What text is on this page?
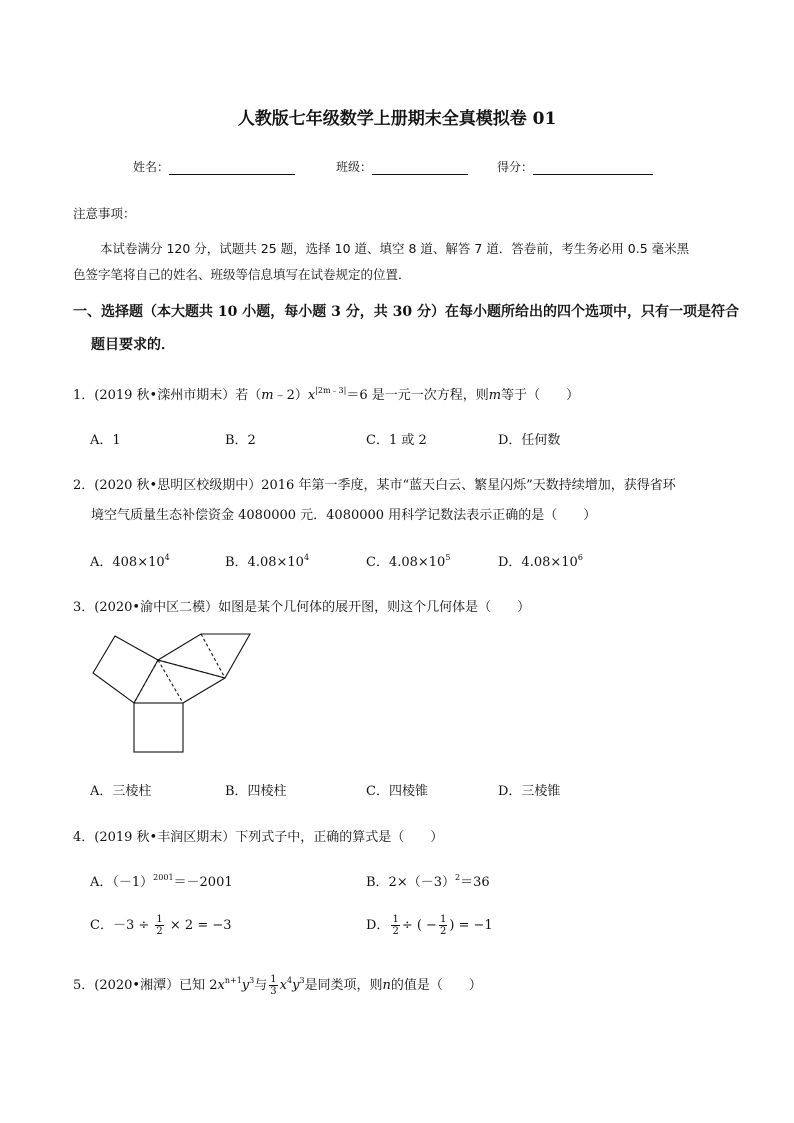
人教版七年级数学上册期末全真模拟卷 01
姓名：	班级：	得分：
注意事项：
本试卷满分 120 分，试题共 25 题，选择 10 道、填空 8 道、解答 7 道．答卷前，考生务必用 0.5 毫米黑
色签字笔将自己的姓名、班级等信息填写在试卷规定的位置．
一、选择题（本大题共 10 小题，每小题 3 分，共 30 分）在每小题所给出的四个选项中，只有一项是符合
题目要求的．
1．(2019 秋•滦州市期末）若$(m﹣2)x^{|2m﹣3|}=6$ 是一元一次方程，则m等于（　　）
A．1	B．2	C．1 或 2	D．任何数
2．(2020 秋•思明区校级期中）2016 年第一季度，某市“蓝天白云、繁星闪烁”天数持续增加，获得省环
境空气质量生态补偿资金 4080000 元．4080000 用科学记数法表示正确的是（　　）
A．$408\times 10^4$	B．$4.08\times 10^4$	C．$4.08\times 10^5$	D．$4.08\times 10^6$
3．(2020•渝中区二模）如图是某个几何体的展开图，则这个几何体是（　　）
A．三棱柱	B．四棱柱	C．四棱锥	D．三棱锥
4．(2019 秋•丰润区期末）下列式子中，正确的算式是（　　）
A．$(-1)^{2001}=-2001$	B．$2\times(-3)^2=36$
C．$-3 \div \frac{1}{2} \times 2 = -3$	D． $\frac{1}{2}$ ÷ ( − $\frac{1}{2}$ ) = −1
5．(2020•湘潭）已知 $2x^{n+1}y^3$与 $\frac{1}{3} x^4y^3$是同类项，则n的值是（　　）
